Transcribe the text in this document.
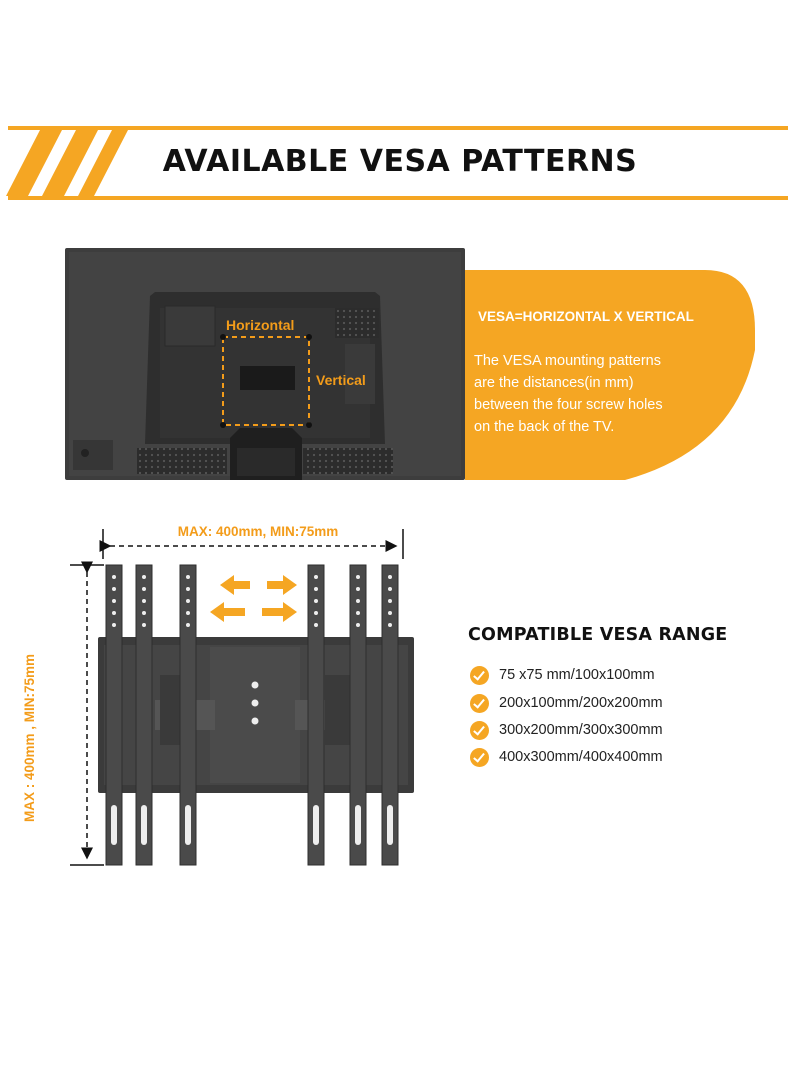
AVAILABLE VESA PATTERNS
Horizontal
Vertical
VESA=HORIZONTAL X VERTICAL
The VESA mounting patterns
are the distances(in mm)
between the four screw holes
on the back of the TV.
MAX: 400mm, MIN:75mm
MAX : 400mm , MIN:75mm
COMPATIBLE VESA RANGE
75 x75 mm/100x100mm
200x100mm/200x200mm
300x200mm/300x300mm
400x300mm/400x400mm
